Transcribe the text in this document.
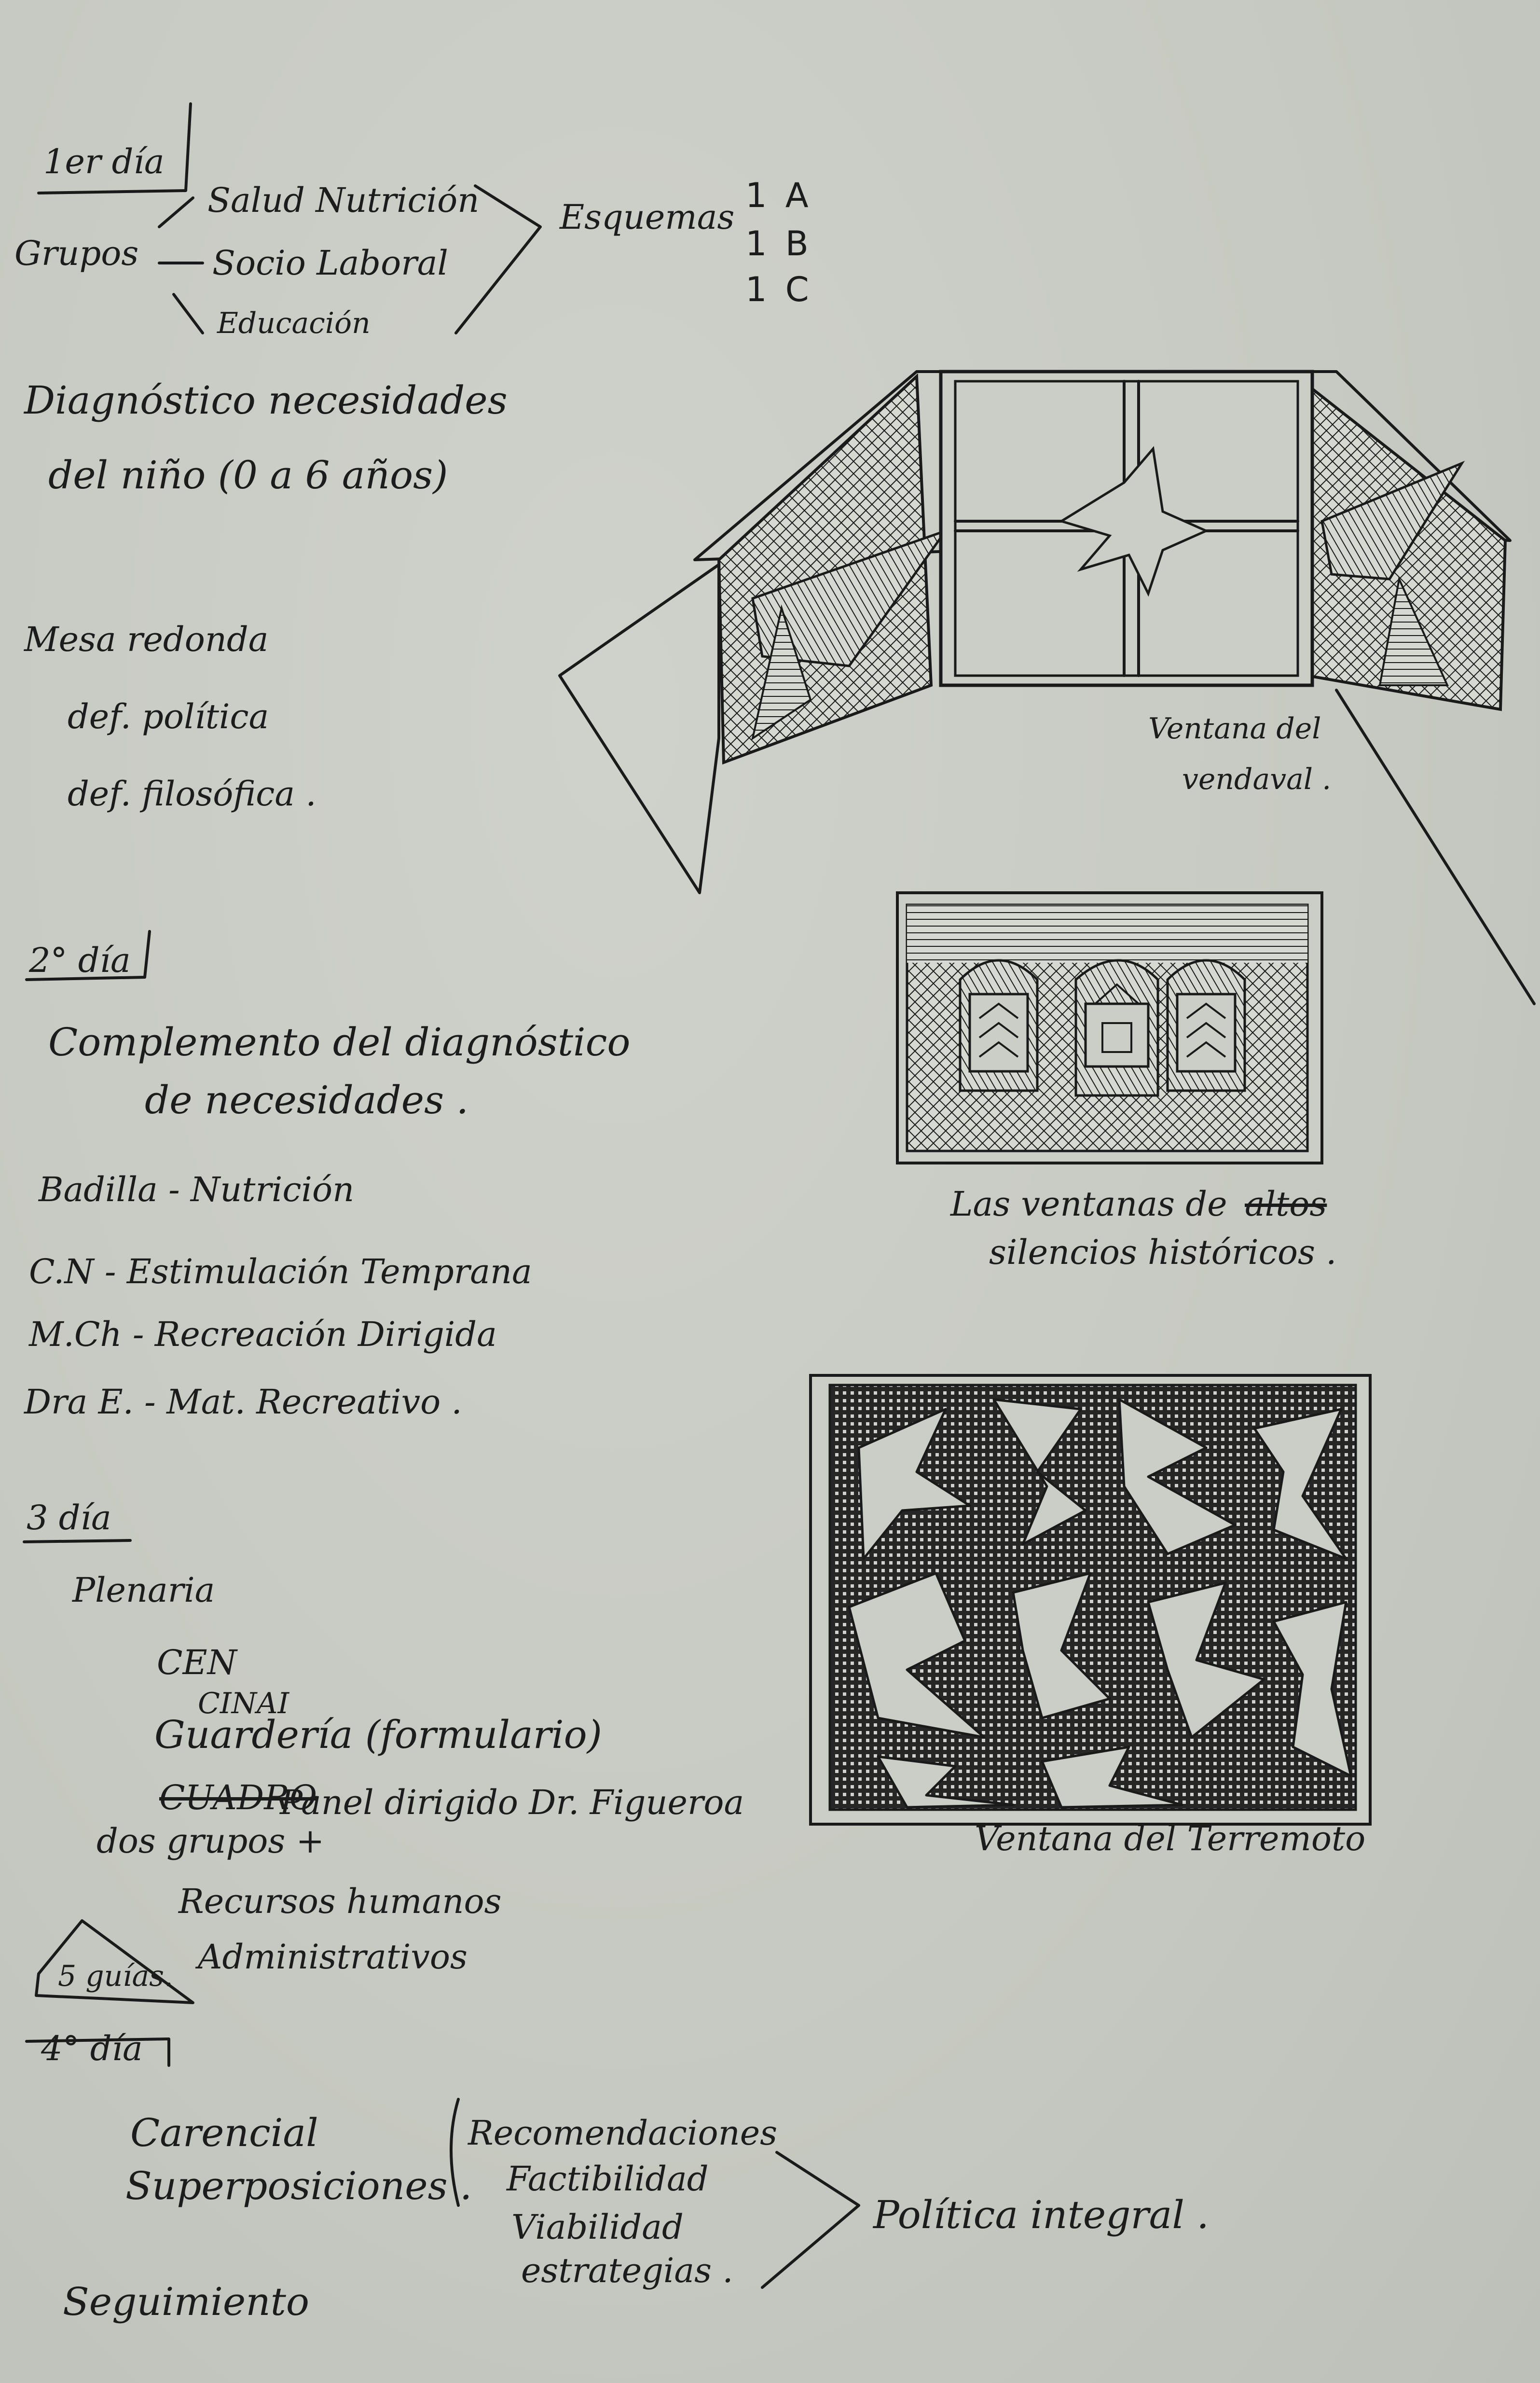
1er día
Grupos
Salud Nutrición
Socio Laboral
Educación
Esquemas
1 A
1 B
1 C
Diagnóstico necesidades
del niño (0 a 6 años)
Mesa redonda
def. política
def. filosófica .
2° día
Complemento del diagnóstico
de necesidades .
Badilla - Nutrición
C.N - Estimulación Temprana
M.Ch - Recreación Dirigida
Dra E. - Mat. Recreativo .
3 día
Plenaria
CEN
CINAI
Guardería (formulario)
CUADRO
Panel dirigido Dr. Figueroa
dos grupos +
Recursos humanos
Administrativos
5 guías.
4° día
Carencial
Superposiciones .
Recomendaciones
Factibilidad
Viabilidad
estrategias .
Política integral .
Seguimiento
Ventana del
vendaval .
Las ventanas de altos
silencios históricos .
Ventana del Terremoto
